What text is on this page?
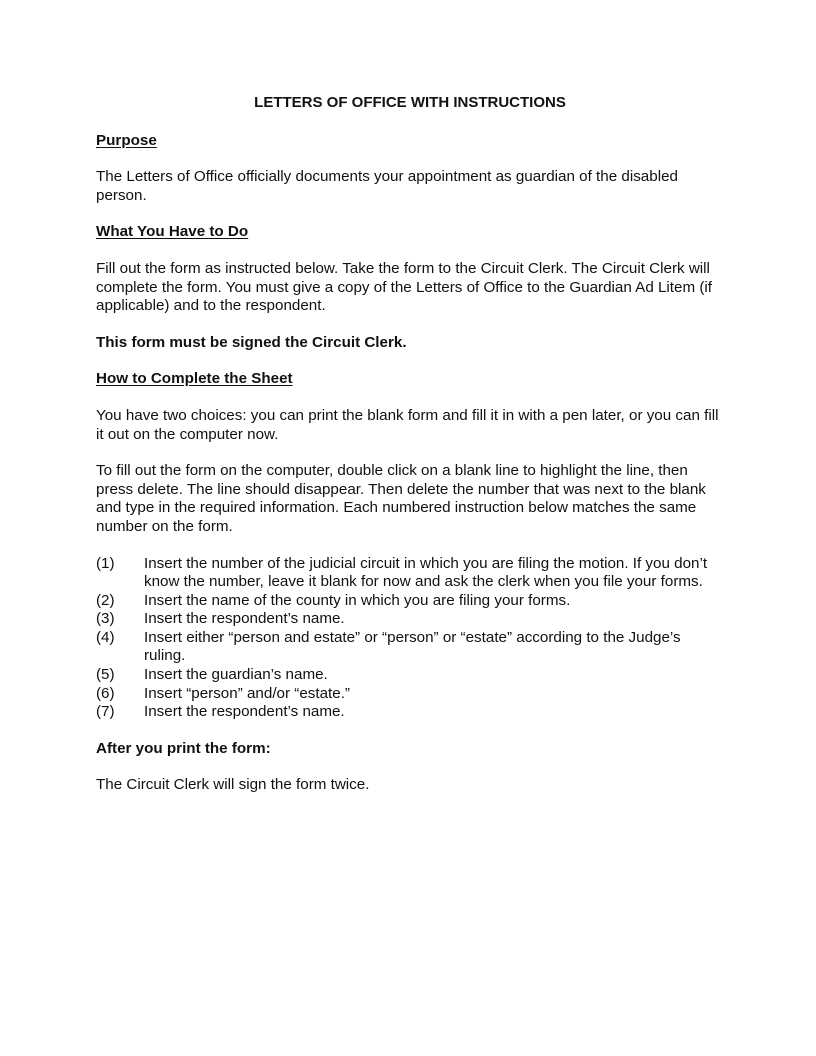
LETTERS OF OFFICE WITH INSTRUCTIONS
Purpose

The Letters of Office officially documents your appointment as guardian of the disabled person.

What You Have to Do

Fill out the form as instructed below. Take the form to the Circuit Clerk. The Circuit Clerk will complete the form. You must give a copy of the Letters of Office to the Guardian Ad Litem (if applicable) and to the respondent.

This form must be signed the Circuit Clerk.
How to Complete the Sheet

You have two choices: you can print the blank form and fill it in with a pen later, or you can fill it out on the computer now.

To fill out the form on the computer, double click on a blank line to highlight the line, then press delete. The line should disappear. Then delete the number that was next to the blank and type in the required information. Each numbered instruction below matches the same number on the form.

(1)	Insert the number of the judicial circuit in which you are filing the motion. If you don’t know the number, leave it blank for now and ask the clerk when you file your forms.
(2)	Insert the name of the county in which you are filing your forms.
(3)	Insert the respondent’s name.
(4)	Insert either “person and estate” or “person” or “estate” according to the Judge’s ruling.
(5)	Insert the guardian’s name.
(6)	Insert “person” and/or “estate.”
(7)	Insert the respondent’s name.
After you print the form:

The Circuit Clerk will sign the form twice.
